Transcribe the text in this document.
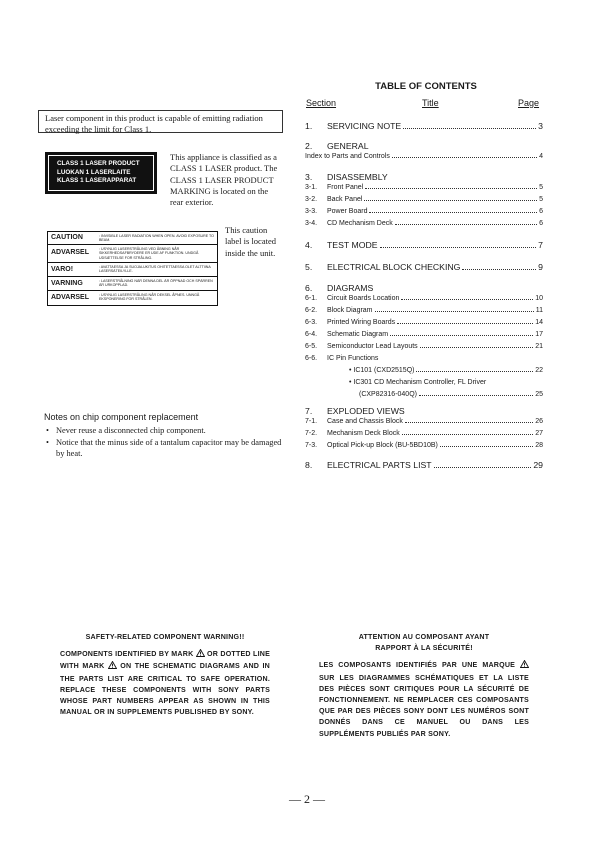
Laser component in this product is capable of emitting radiation exceeding the limit for Class 1.
CLASS 1 LASER PRODUCT
LUOKAN 1 LASERLAITE
KLASS 1 LASERAPPARAT
This appliance is classified as a CLASS 1 LASER product. The CLASS 1 LASER PRODUCT MARKING is located on the rear exterior.
CAUTION	: INVISIBLE LASER RADIATION WHEN OPEN. AVOID EXPOSURE TO BEAM.
ADVARSEL	: USYNLIG LASERSTRÅLING VED ÅBNING NÅR SIKKERHEDSAFBRYDERE ER UDE AF FUNKTION. UNDGÅ UDSÆTTELSE FOR STRÅLING.
VARO!	: AVATTAESSA JA SUOJALUKITUS OHITETTAESSA OLET ALTTIINA LASERSÄTEILYLLE.
VARNING	: LASERSTRÅLNING NÄR DENNA DEL ÄR ÖPPNAD OCH SPÄRREN ÄR URKOPPLAD.
ADVARSEL	: USYNLIG LASERSTRÅLING NÅR DEKSEL ÅPNES. UNNGÅ EKSPONERING FOR STRÅLEN.
This caution label is located inside the unit.
Notes on chip component replacement
• Never reuse a disconnected chip component.
• Notice that the minus side of a tantalum capacitor may be damaged by heat.
TABLE OF CONTENTS
Section	Title	Page
1.	SERVICING NOTE	3
2.	GENERAL
Index to Parts and Controls	4
3.	DISASSEMBLY
3-1.	Front Panel	5
3-2.	Back Panel	5
3-3.	Power Board	6
3-4.	CD Mechanism Deck	6
4.	TEST MODE	7
5.	ELECTRICAL BLOCK CHECKING	9
6.	DIAGRAMS
6-1.	Circuit Boards Location	10
6-2.	Block Diagram	11
6-3.	Printed Wiring Boards	14
6-4.	Schematic Diagram	17
6-5.	Semiconductor Lead Layouts	21
6-6.	IC Pin Functions
• IC101 (CXD2515Q)	22
• IC301 CD Mechanism Controller, FL Driver
(CXP82316-040Q)	25
7.	EXPLODED VIEWS
7-1.	Case and Chassis Block	26
7-2.	Mechanism Deck Block	27
7-3.	Optical Pick-up Block (BU-5BD10B)	28
8.	ELECTRICAL PARTS LIST	29
SAFETY-RELATED COMPONENT WARNING!!
COMPONENTS IDENTIFIED BY MARK  OR DOTTED LINE WITH MARK  ON THE SCHEMATIC DIAGRAMS AND IN THE PARTS LIST ARE CRITICAL TO SAFE OPERATION. REPLACE THESE COMPONENTS WITH SONY PARTS WHOSE PART NUMBERS APPEAR AS SHOWN IN THIS MANUAL OR IN SUPPLEMENTS PUBLISHED BY SONY.
ATTENTION AU COMPOSANT AYANT RAPPORT À LA SÉCURITÉ!
LES COMPOSANTS IDENTIFIÉS PAR UNE MARQUE  SUR LES DIAGRAMMES SCHÉMATIQUES ET LA LISTE DES PIÈCES SONT CRITIQUES POUR LA SÉCURITÉ DE FONCTIONNEMENT. NE REMPLACER CES COMPOSANTS QUE PAR DES PIÈCES SONY DONT LES NUMÉROS SONT DONNÉS DANS CE MANUEL OU DANS LES SUPPLÉMENTS PUBLIÉS PAR SONY.
— 2 —
